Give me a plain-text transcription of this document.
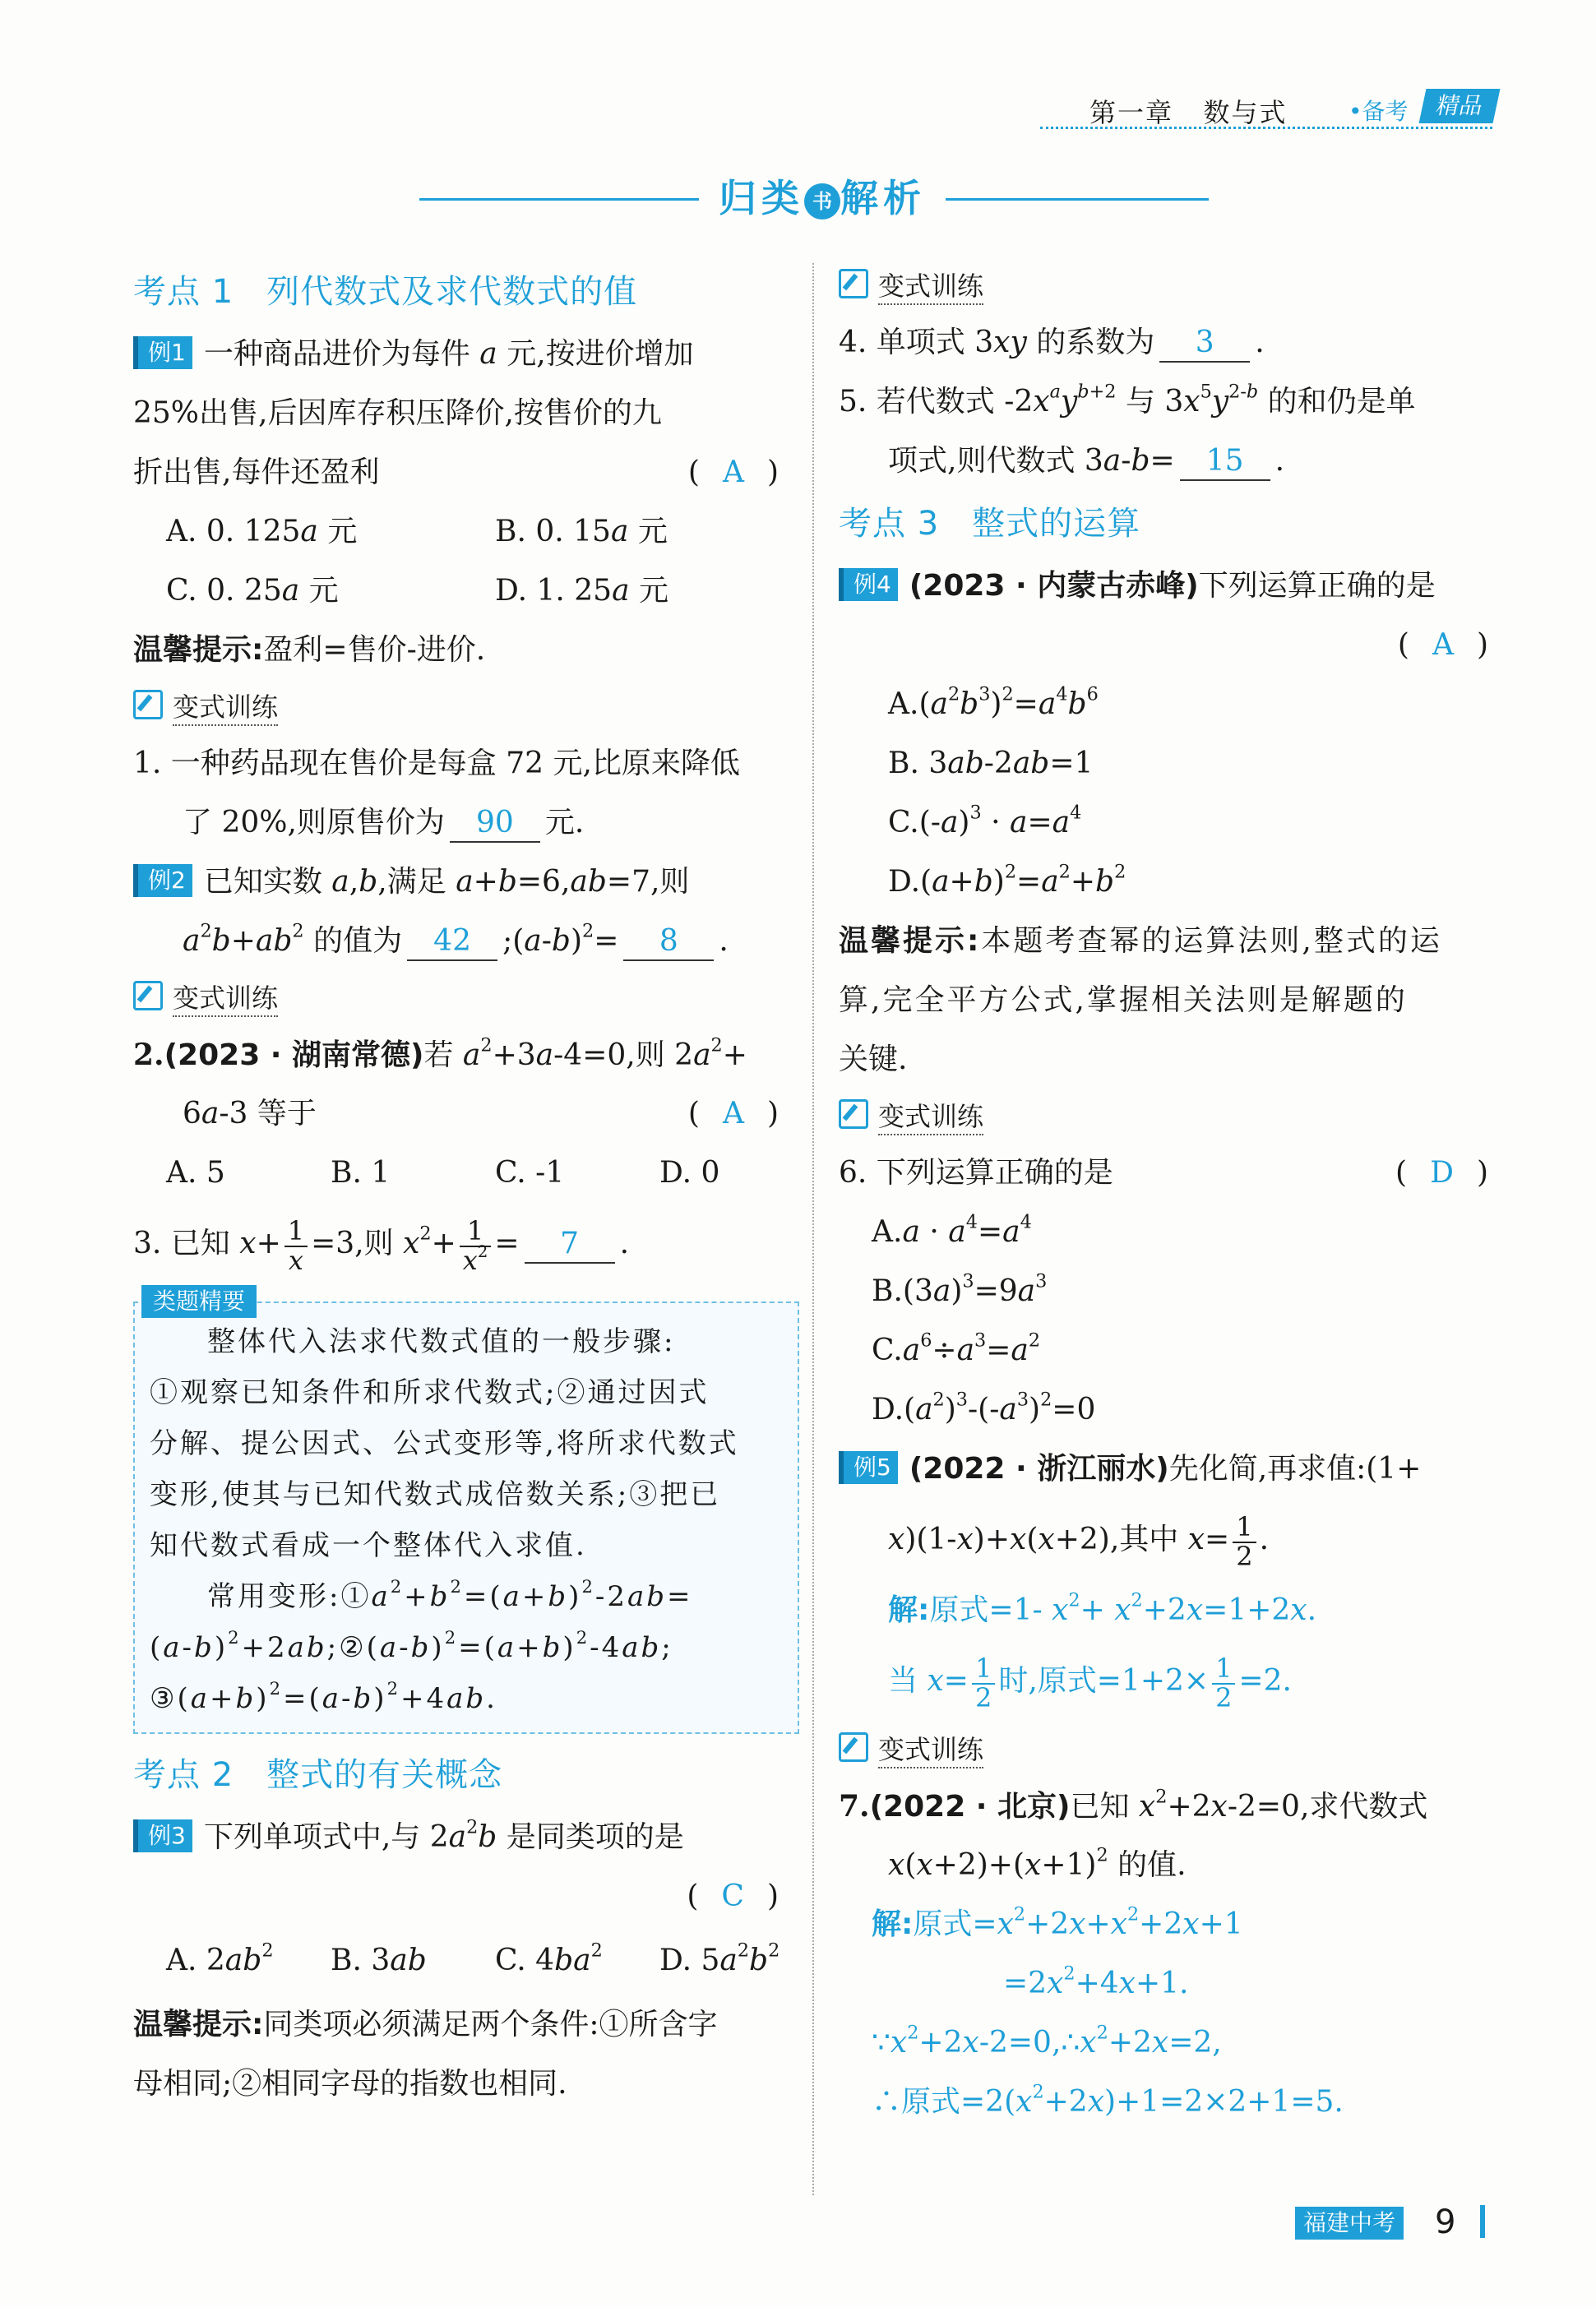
第一章 数与式	•备考	精品
归类 书 解析
考点 1 列代数式及求代数式的值
例1 一种商品进价为每件 a 元,按进价增加
25%出售,后因库存积压降价,按售价的九
折出售,每件还盈利	( A )
A. 0. 125a 元	B. 0. 15a 元
C. 0. 25a 元	D. 1. 25a 元
温馨提示:盈利=售价-进价.
变式训练
1. 一种药品现在售价是每盒 72 元,比原来降低
了 20%,则原售价为 90 元.
例2 已知实数 a,b,满足 a+b=6,ab=7,则
$a^2b+ab^2$ 的值为 42 $;(a-b)^2= 8$ .
变式训练
2.(2023 · 湖南常德)若 $a^2+3a-4=0$,则 $2a^2+$
6a-3 等于	( A )
A. 5	B. 1	C. -1	D. 0
3. 已知 $x+ \frac{1}{x} =3$,则 $x^2+ \frac{1}{x^2} = 7$ .
类题精要
整体代入法求代数式值的一般步骤:
①观察已知条件和所求代数式;②通过因式
分解、提公因式、公式变形等,将所求代数式
变形,使其与已知代数式成倍数关系;③把已
知代数式看成一个整体代入求值.
常用变形$:①a^2+b^2=(a+b)^2-2ab=$
$(a-b)^2+2ab;②(a-b)^2=(a+b)^2-4ab$;
$③(a+b)^2=(a-b)^2+4ab$.
考点 2 整式的有关概念
例3 下列单项式中,与 $2a^2b$ 是同类项的是
( C )
A. $2ab^2$ B. 3ab C. $4ba^2$ D. $5a^2b^2$
温馨提示:同类项必须满足两个条件:①所含字
母相同;②相同字母的指数也相同.
变式训练
4. 单项式 3xy 的系数为 3 .
5. 若代数式 $-2x^ay^{b+2}$ 与 $3x^5y^{2-b}$ 的和仍是单
项式,则代数式 3a-b= 15 .
考点 3 整式的运算
例4 (2023 · 内蒙古赤峰)下列运算正确的是
( A )
$A.(a^2b^3)^2=a^4b^6$
B. 3ab-2ab=1
$C.(-a)^3 \cdot a=a^4$
$D.(a+b)^2=a^2+b^2$
温馨提示:本题考查幂的运算法则,整式的运
算,完全平方公式,掌握相关法则是解题的
关键.
变式训练
6. 下列运算正确的是	( D )
$A.a \cdot a^4=a^4$
$B.(3a)^3=9a^3$
$C.a^6\div a^3=a^2$
$D.(a^2)^3-(-a^3)^2=0$
例5 (2022 · 浙江丽水)先化简,再求值:(1+
x)(1-x)+x(x+2),其中 $x= \frac{1}{2}$ .
解:原式=1- $x^2+ x^2+2x=1+2x$.
当 $x= \frac{1}{2}$ 时,原式$=1+2\times \frac{1}{2} =2$.
变式训练
7.(2022 · 北京)已知 $x^2+2x-2=0$,求代数式
$x(x+2)+(x+1)^2$ 的值.
解:原式$=x^2+2x+x^2+2x+1$
$=2x^2+4x+1$.
$\because x^2+2x-2=0,\therefore x^2+2x=2$,
∴原式$=2(x^2+2x)+1=2\times 2+1=5$.
福建中考 9
